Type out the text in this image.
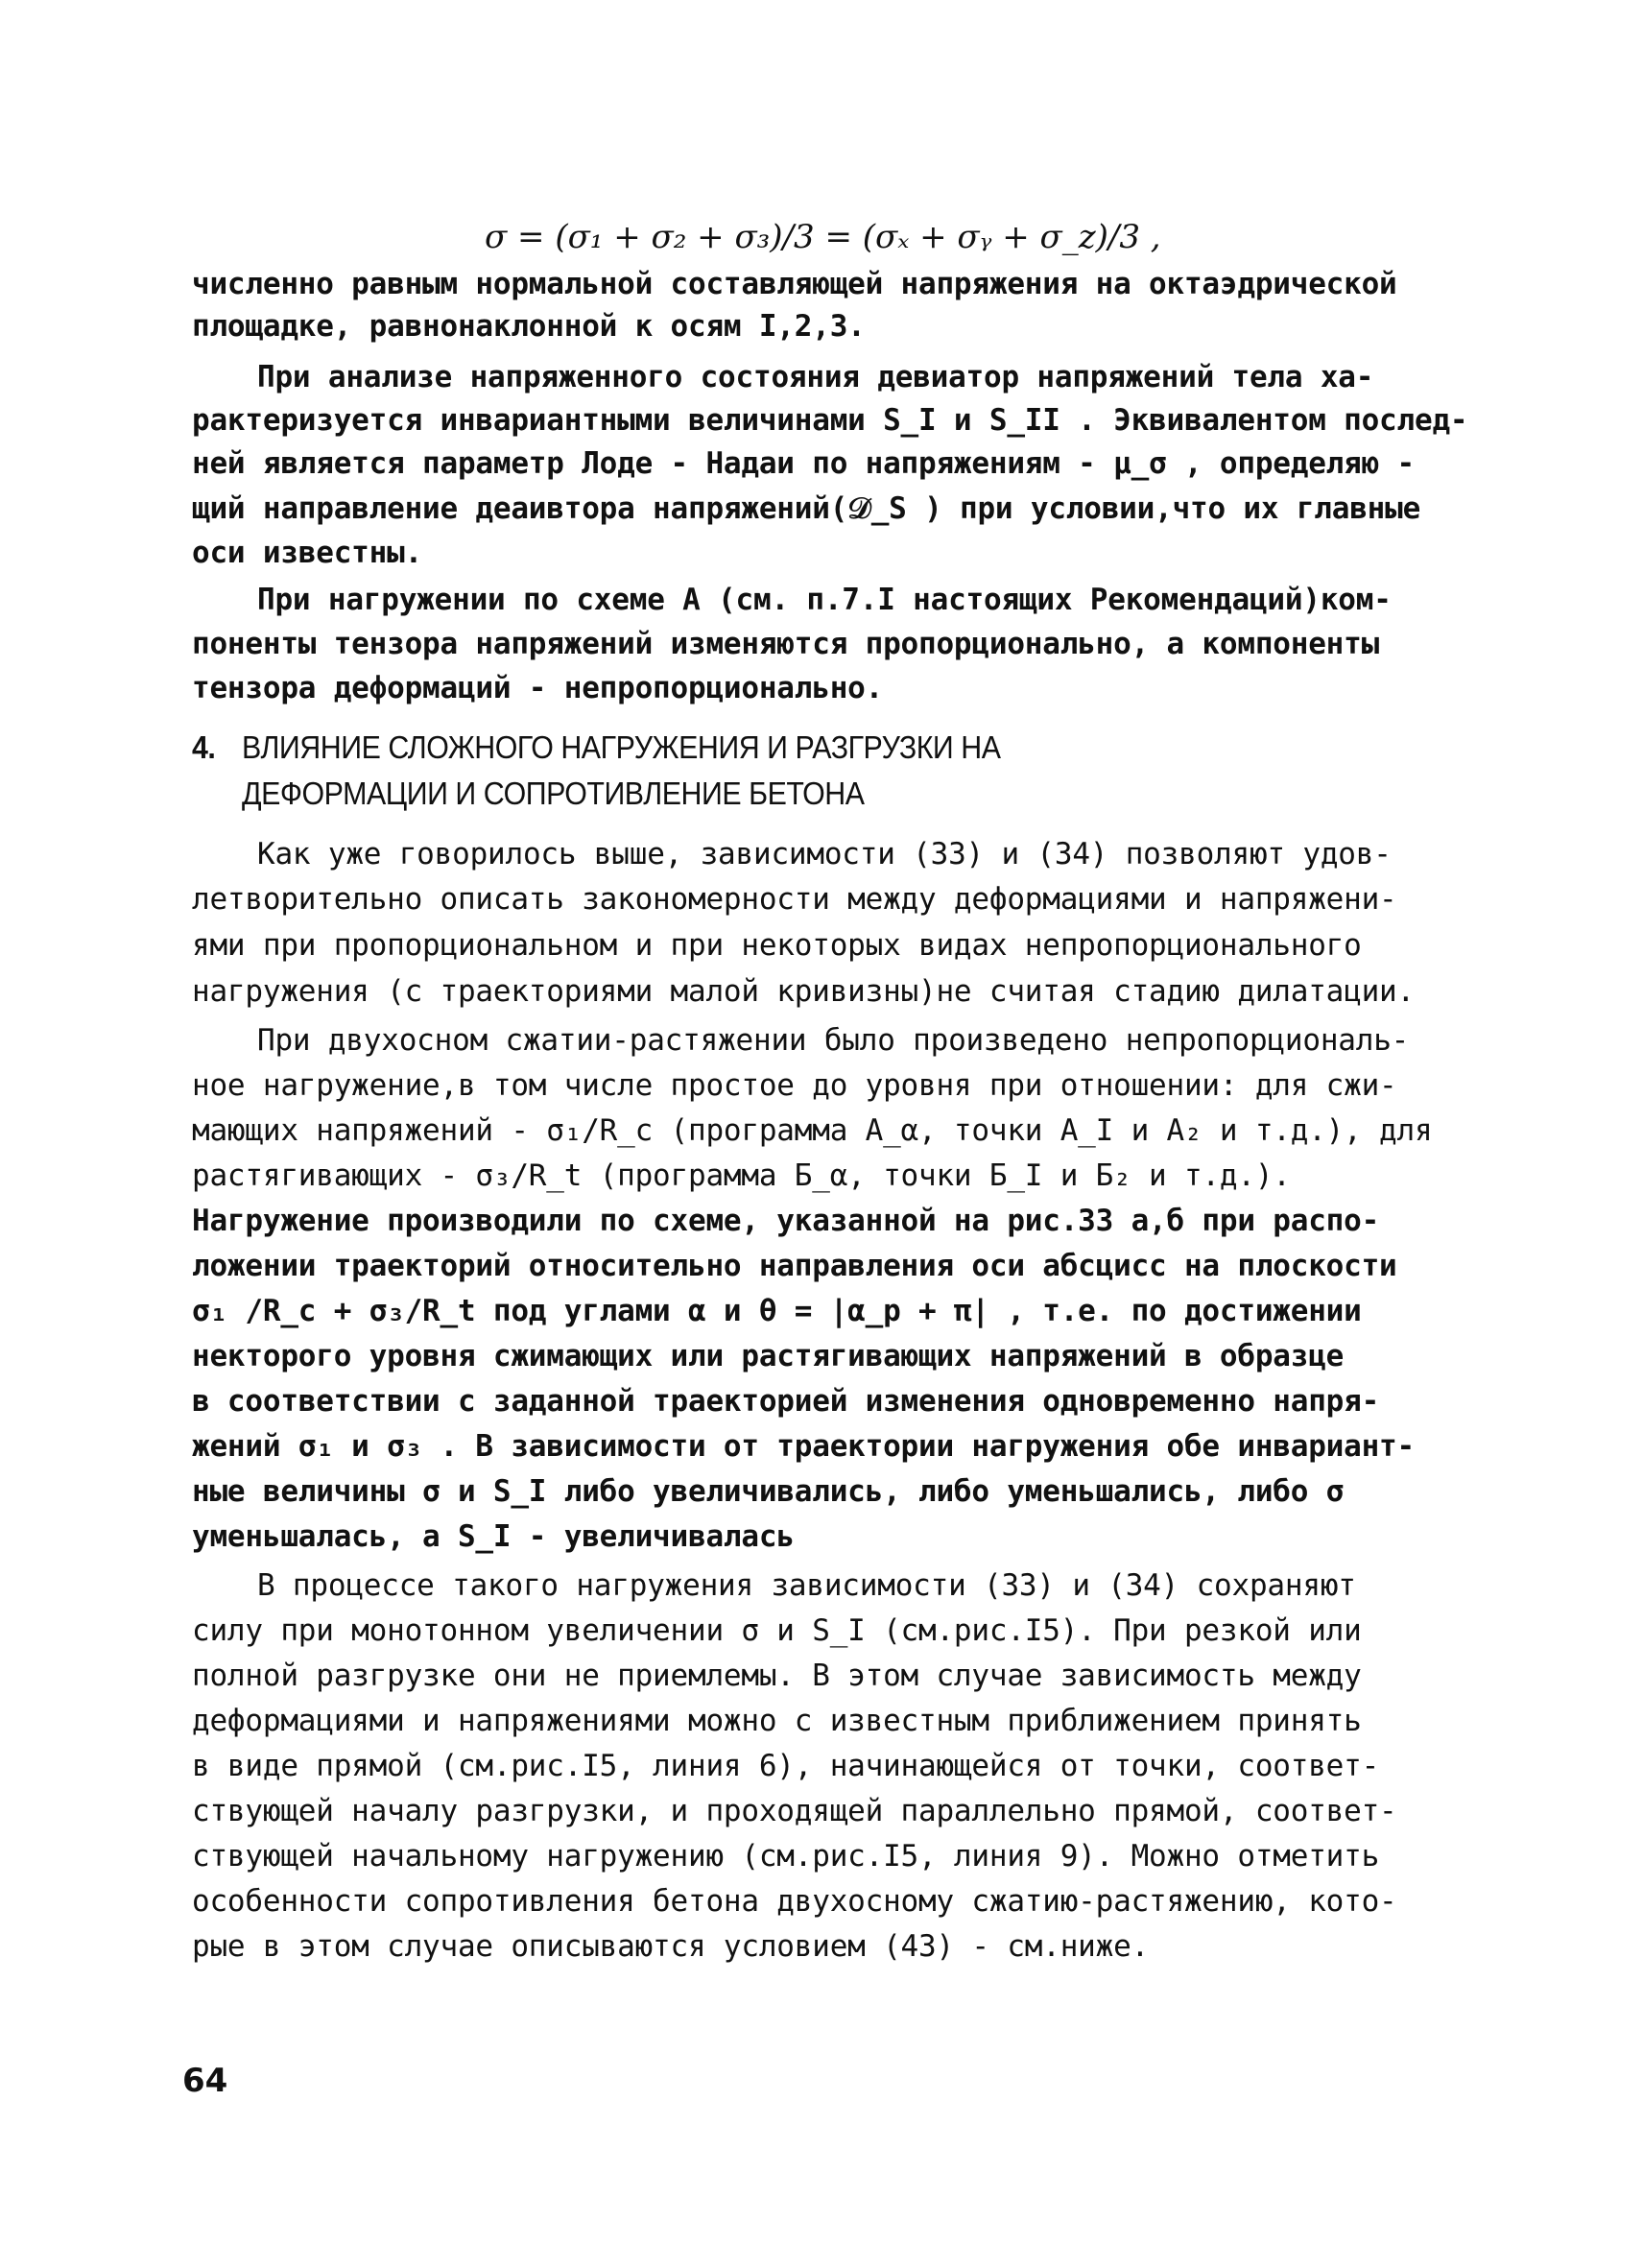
σ = (σ₁ + σ₂ + σ₃)/3 = (σₓ + σᵧ + σ_z)/3 ,
численно равным нормальной составляющей напряжения на октаэдрической
площадке, равнонаклонной к осям I,2,3.
При анализе напряженного состояния девиатор напряжений тела ха-
рактеризуется инвариантными величинами S_I и S_II . Эквивалентом послед-
ней является параметр Лоде - Надаи по напряжениям - μ_σ , определяю -
щий направление деаивтора напряжений(𝒟_S ) при условии,что их главные
оси известны.
При нагружении по схеме А (см. п.7.I настоящих Рекомендаций)ком-
поненты тензора напряжений изменяются пропорционально, а компоненты
тензора деформаций - непропорционально.
4. ВЛИЯНИЕ СЛОЖНОГО НАГРУЖЕНИЯ И РАЗГРУЗКИ НА
ДЕФОРМАЦИИ И СОПРОТИВЛЕНИЕ БЕТОНА
Как уже говорилось выше, зависимости (33) и (34) позволяют удов-
летворительно описать закономерности между деформациями и напряжени-
ями при пропорциональном и при некоторых видах непропорционального
нагружения (с траекториями малой кривизны)не считая стадию дилатации.
При двухосном сжатии-растяжении было произведено непропорциональ-
ное нагружение,в том числе простое до уровня при отношении: для сжи-
мающих напряжений - σ₁/R_c (программа А_α, точки А_I и А₂ и т.д.), для
растягивающих - σ₃/R_t (программа Б_α, точки Б_I и Б₂ и т.д.).
Нагружение производили по схеме, указанной на рис.33 а,б при распо-
ложении траекторий относительно направления оси абсцисс на плоскости
σ₁ /R_c + σ₃/R_t под углами α и θ = |α_p + π| , т.е. по достижении
некторого уровня сжимающих или растягивающих напряжений в образце
в соответствии с заданной траекторией изменения одновременно напря-
жений σ₁ и σ₃ . В зависимости от траектории нагружения обе инвариант-
ные величины σ и S_I либо увеличивались, либо уменьшались, либо σ
уменьшалась, а S_I - увеличивалась
В процессе такого нагружения зависимости (33) и (34) сохраняют
силу при монотонном увеличении σ и S_I (см.рис.I5). При резкой или
полной разгрузке они не приемлемы. В этом случае зависимость между
деформациями и напряжениями можно с известным приближением принять
в виде прямой (см.рис.I5, линия 6), начинающейся от точки, соответ-
ствующей началу разгрузки, и проходящей параллельно прямой, соответ-
ствующей начальному нагружению (см.рис.I5, линия 9). Можно отметить
особенности сопротивления бетона двухосному сжатию-растяжению, кото-
рые в этом случае описываются условием (43) - см.ниже.
64
